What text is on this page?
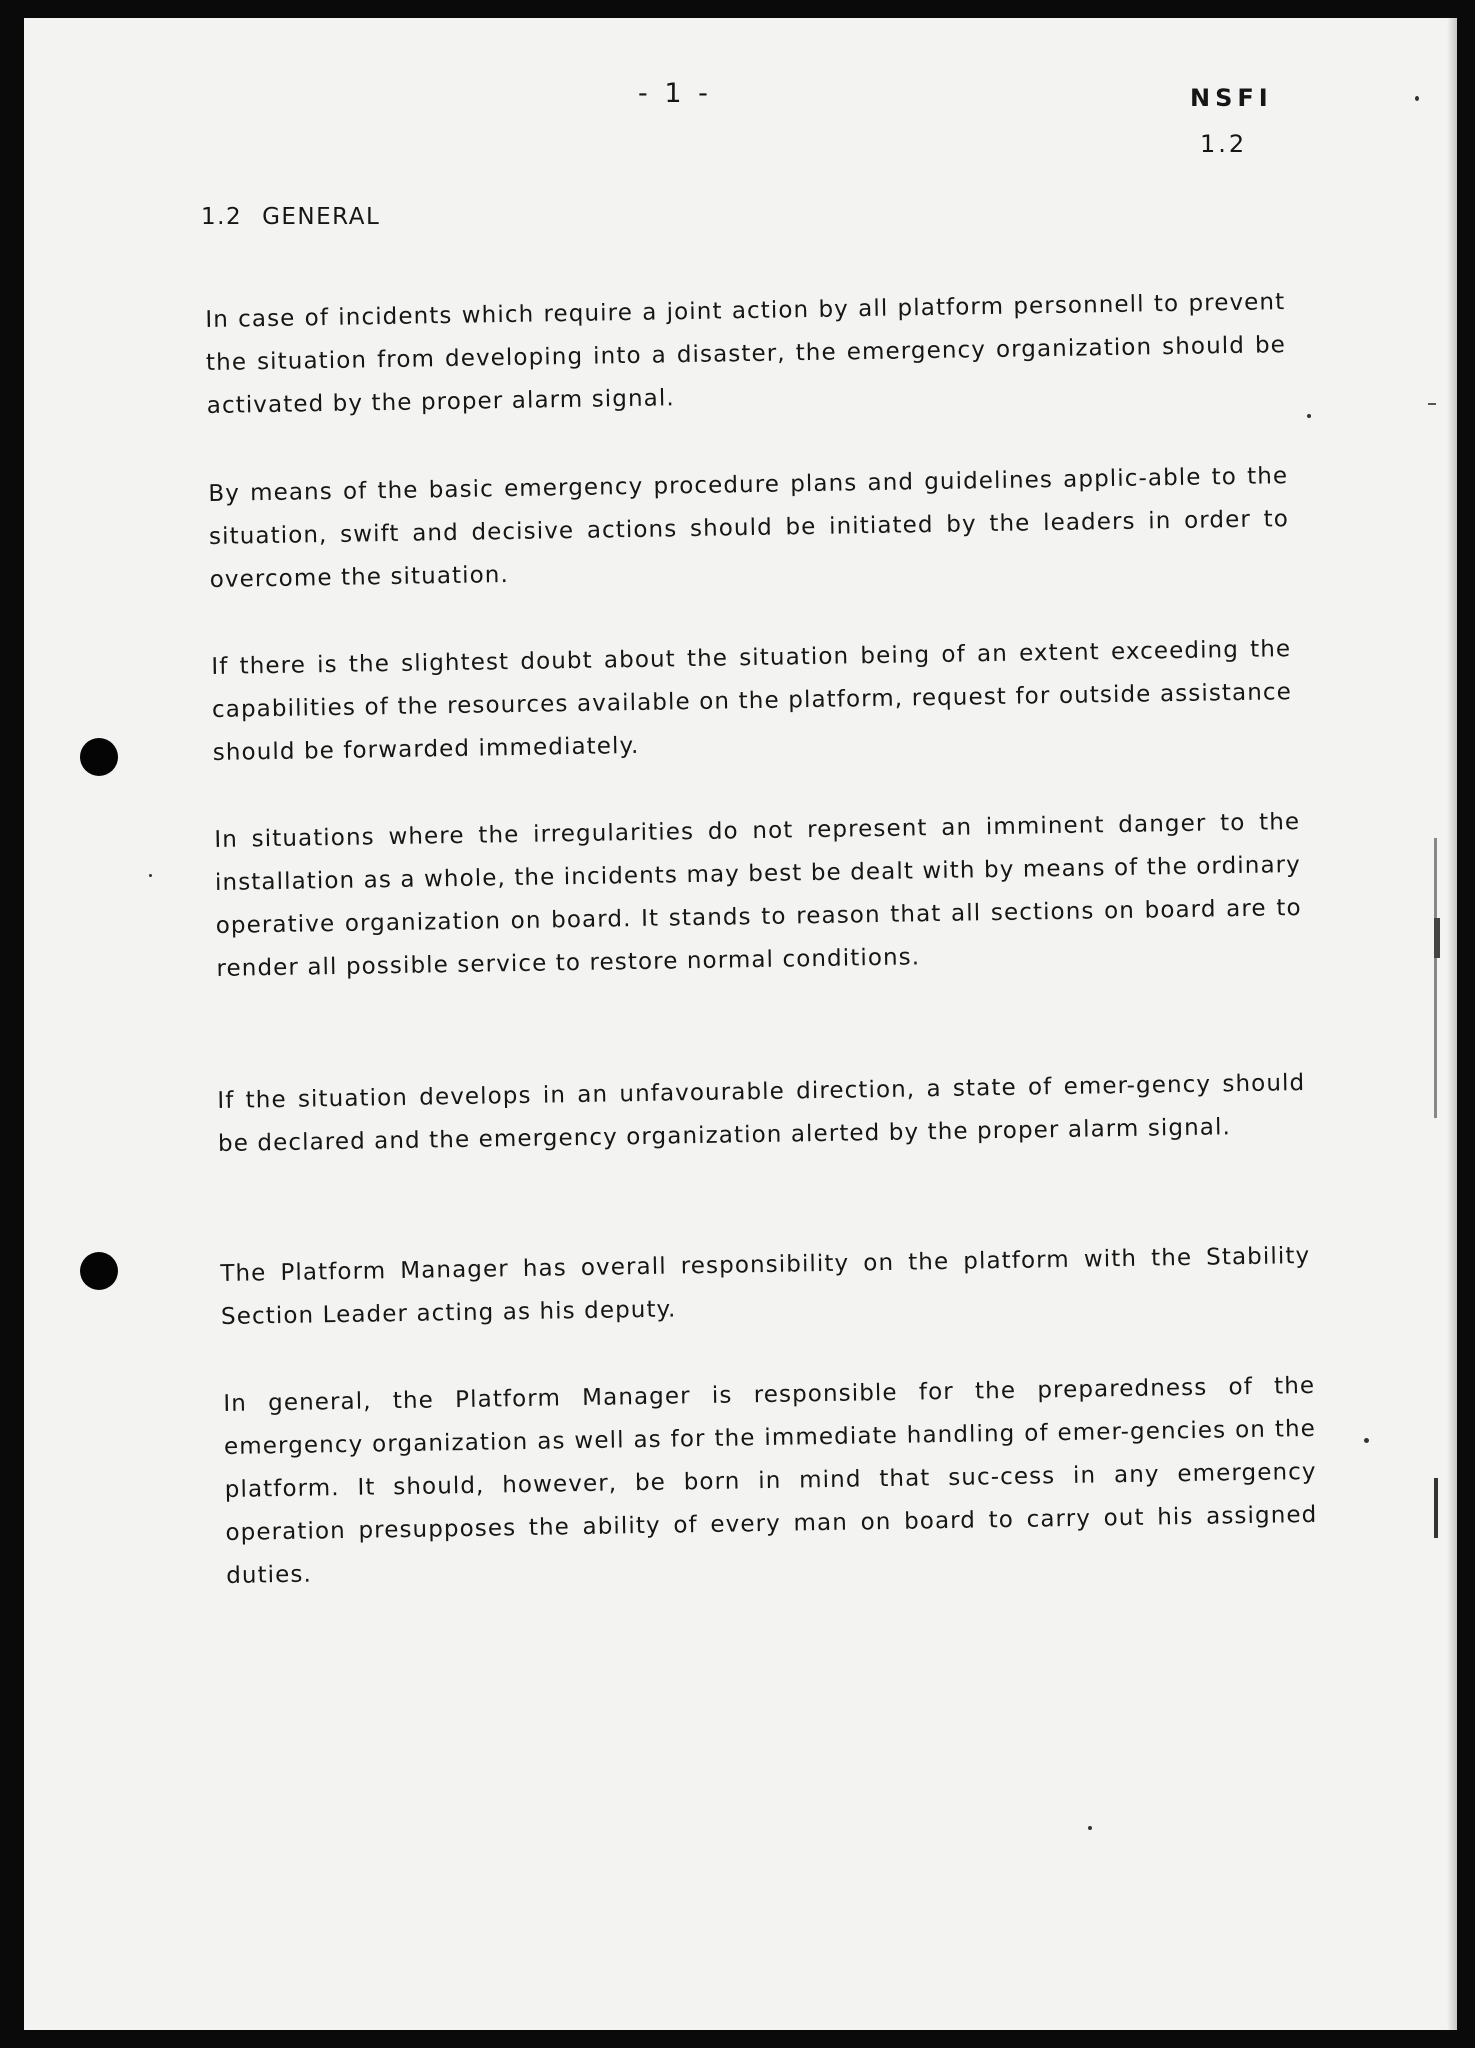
- 1 -	NSFI
1.2
1.2 GENERAL

In case of incidents which require a joint action by all platform personnell to prevent the situation from developing into a disaster, the emergency organization should be activated by the proper alarm signal.

By means of the basic emergency procedure plans and guidelines applic-able to the situation, swift and decisive actions should be initiated by the leaders in order to overcome the situation.

If there is the slightest doubt about the situation being of an extent exceeding the capabilities of the resources available on the platform, request for outside assistance should be forwarded immediately.

In situations where the irregularities do not represent an imminent danger to the installation as a whole, the incidents may best be dealt with by means of the ordinary operative organization on board. It stands to reason that all sections on board are to render all possible service to restore normal conditions.

If the situation develops in an unfavourable direction, a state of emer-gency should be declared and the emergency organization alerted by the proper alarm signal.

The Platform Manager has overall responsibility on the platform with the Stability Section Leader acting as his deputy.

In general, the Platform Manager is responsible for the preparedness of the emergency organization as well as for the immediate handling of emer-gencies on the platform. It should, however, be born in mind that suc-cess in any emergency operation presupposes the ability of every man on board to carry out his assigned duties.
